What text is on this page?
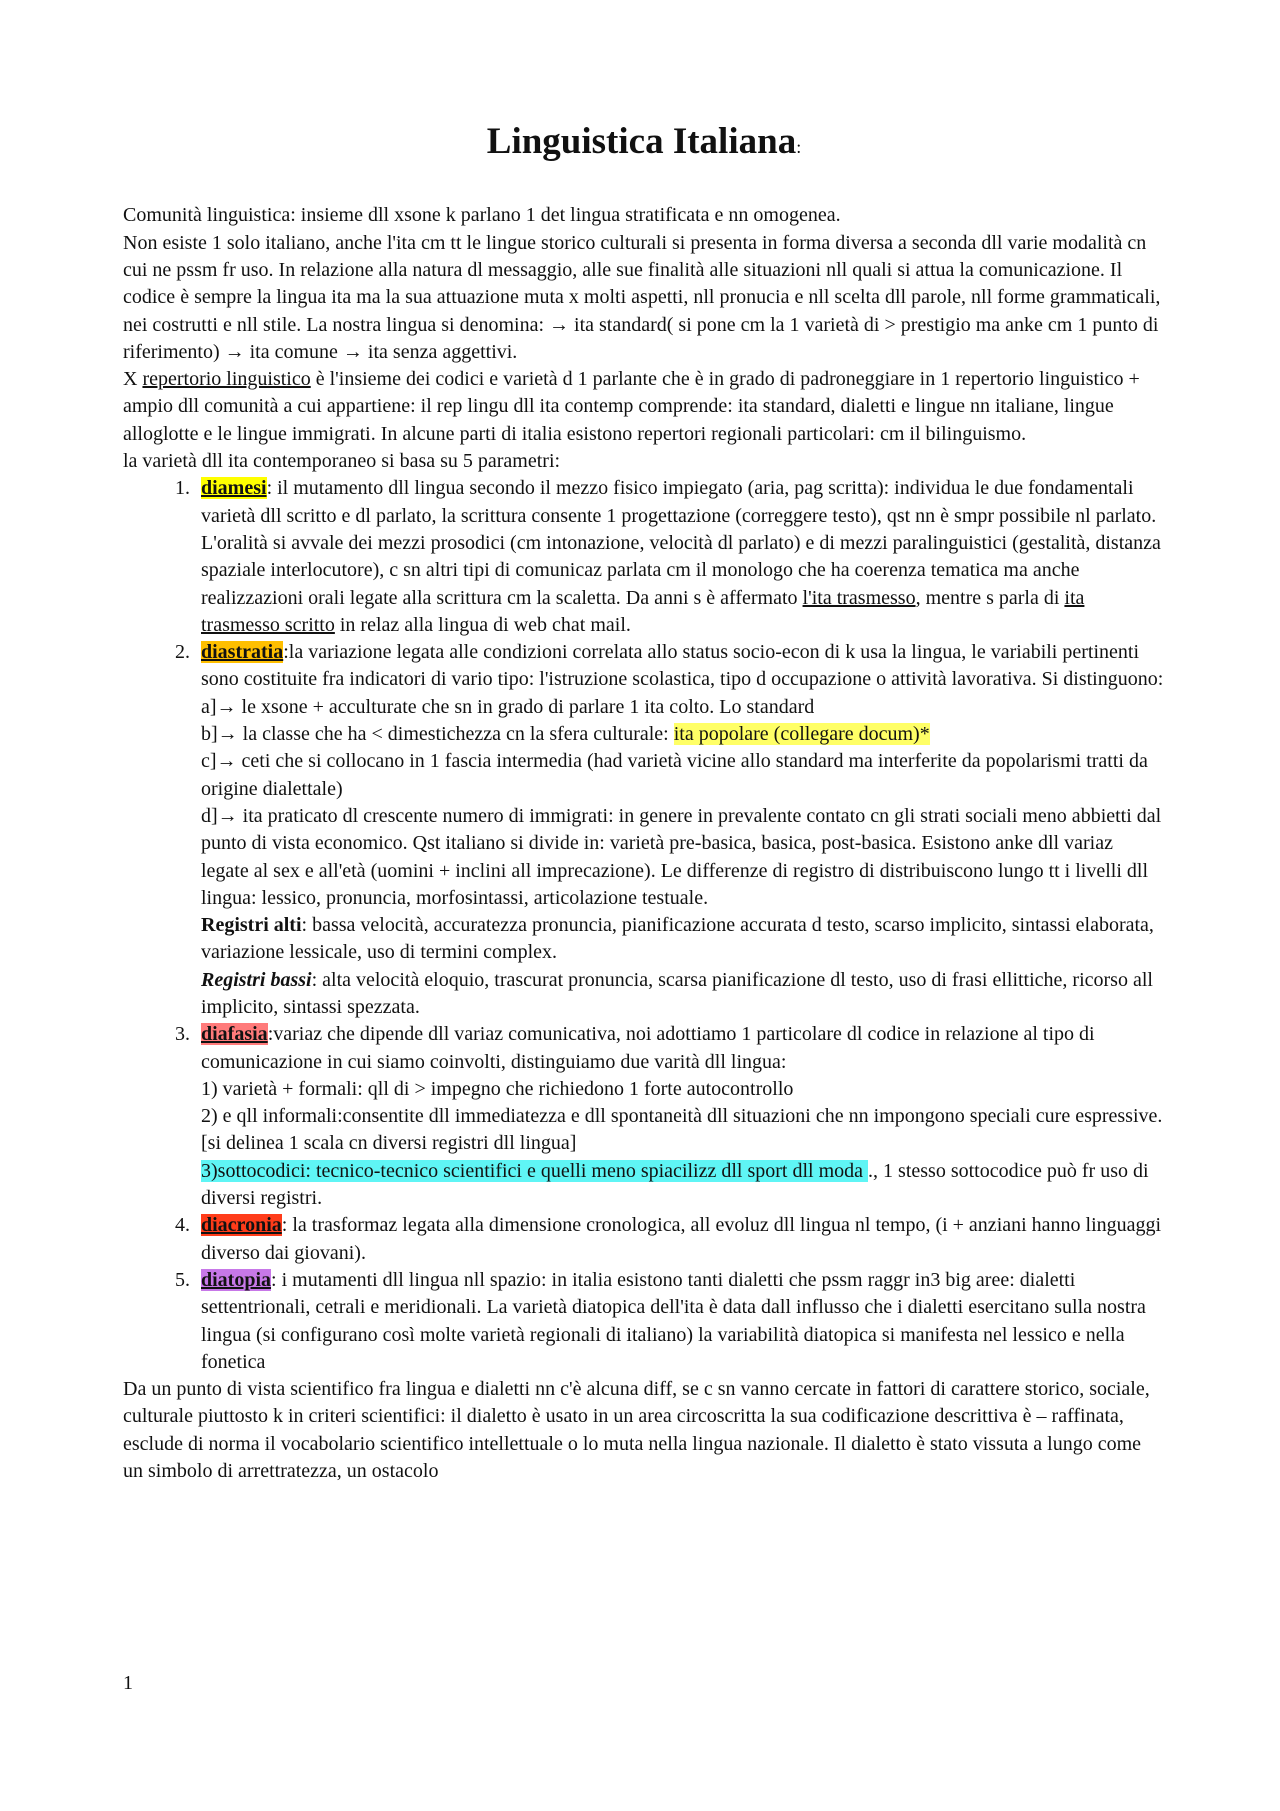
Linguistica Italiana:

Comunità linguistica: insieme dll xsone k parlano 1 det lingua stratificata e nn omogenea.

Non esiste 1 solo italiano, anche l'ita cm tt le lingue storico culturali si presenta in forma diversa a seconda dll varie modalità cn cui ne pssm fr uso. In relazione alla natura dl messaggio, alle sue finalità alle situazioni nll quali si attua la comunicazione. Il codice è sempre la lingua ita ma la sua attuazione muta x molti aspetti, nll pronucia e nll scelta dll parole, nll forme grammaticali, nei costrutti e nll stile. La nostra lingua si denomina: → ita standard( si pone cm la 1 varietà di > prestigio ma anke cm 1 punto di riferimento) → ita comune → ita senza aggettivi.

X repertorio linguistico è l'insieme dei codici e varietà d 1 parlante che è in grado di padroneggiare in 1 repertorio linguistico + ampio dll comunità a cui appartiene: il rep lingu dll ita contemp comprende: ita standard, dialetti e lingue nn italiane, lingue alloglotte e le lingue immigrati. In alcune parti di italia esistono repertori regionali particolari: cm il bilinguismo.

la varietà dll ita contemporaneo si basa su 5 parametri:

1. diamesi: il mutamento dll lingua secondo il mezzo fisico impiegato (aria, pag scritta): individua le due fondamentali varietà dll scritto e dl parlato, la scrittura consente 1 progettazione (correggere testo), qst nn è smpr possibile nl parlato. L'oralità si avvale dei mezzi prosodici (cm intonazione, velocità dl parlato) e di mezzi paralinguistici (gestalità, distanza spaziale interlocutore), c sn altri tipi di comunicaz parlata cm il monologo che ha coerenza tematica ma anche realizzazioni orali legate alla scrittura cm la scaletta. Da anni s è affermato l'ita trasmesso, mentre s parla di ita trasmesso scritto in relaz alla lingua di web chat mail.
2. diastratia:la variazione legata alle condizioni correlata allo status socio-econ di k usa la lingua, le variabili pertinenti sono costituite fra indicatori di vario tipo: l'istruzione scolastica, tipo d occupazione o attività lavorativa. Si distinguono:
a]→ le xsone + acculturate che sn in grado di parlare 1 ita colto. Lo standard
b]→ la classe che ha < dimestichezza cn la sfera culturale: ita popolare (collegare docum)*
c]→ ceti che si collocano in 1 fascia intermedia (had varietà vicine allo standard ma interferite da popolarismi tratti da origine dialettale)
d]→ ita praticato dl crescente numero di immigrati: in genere in prevalente contato cn gli strati sociali meno abbietti dal punto di vista economico. Qst italiano si divide in: varietà pre-basica, basica, post-basica. Esistono anke dll variaz legate al sex e all'età (uomini + inclini all imprecazione). Le differenze di registro di distribuiscono lungo tt i livelli dll lingua: lessico, pronuncia, morfosintassi, articolazione testuale.
Registri alti: bassa velocità, accuratezza pronuncia, pianificazione accurata d testo, scarso implicito, sintassi elaborata, variazione lessicale, uso di termini complex.
Registri bassi: alta velocità eloquio, trascurat pronuncia, scarsa pianificazione dl testo, uso di frasi ellittiche, ricorso all implicito, sintassi spezzata.
3. diafasia:variaz che dipende dll variaz comunicativa, noi adottiamo 1 particolare dl codice in relazione al tipo di comunicazione in cui siamo coinvolti, distinguiamo due varità dll lingua:
1) varietà + formali: qll di > impegno che richiedono 1 forte autocontrollo
2) e qll informali:consentite dll immediatezza e dll spontaneità dll situazioni che nn impongono speciali cure espressive. [si delinea 1 scala cn diversi registri dll lingua]
3)sottocodici: tecnico-tecnico scientifici e quelli meno spiacilizz dll sport dll moda ., 1 stesso sottocodice può fr uso di diversi registri.
4. diacronia: la trasformaz legata alla dimensione cronologica, all evoluz dll lingua nl tempo, (i + anziani hanno linguaggi diverso dai giovani).
5. diatopia: i mutamenti dll lingua nll spazio: in italia esistono tanti dialetti che pssm raggr in3 big aree: dialetti settentrionali, cetrali e meridionali. La varietà diatopica dell'ita è data dall influsso che i dialetti esercitano sulla nostra lingua (si configurano così molte varietà regionali di italiano) la variabilità diatopica si manifesta nel lessico e nella fonetica

Da un punto di vista scientifico fra lingua e dialetti nn c'è alcuna diff, se c sn vanno cercate in fattori di carattere storico, sociale, culturale piuttosto k in criteri scientifici: il dialetto è usato in un area circoscritta la sua codificazione descrittiva è – raffinata, esclude di norma il vocabolario scientifico intellettuale o lo muta nella lingua nazionale. Il dialetto è stato vissuta a lungo come un simbolo di arrettratezza, un ostacolo

1
